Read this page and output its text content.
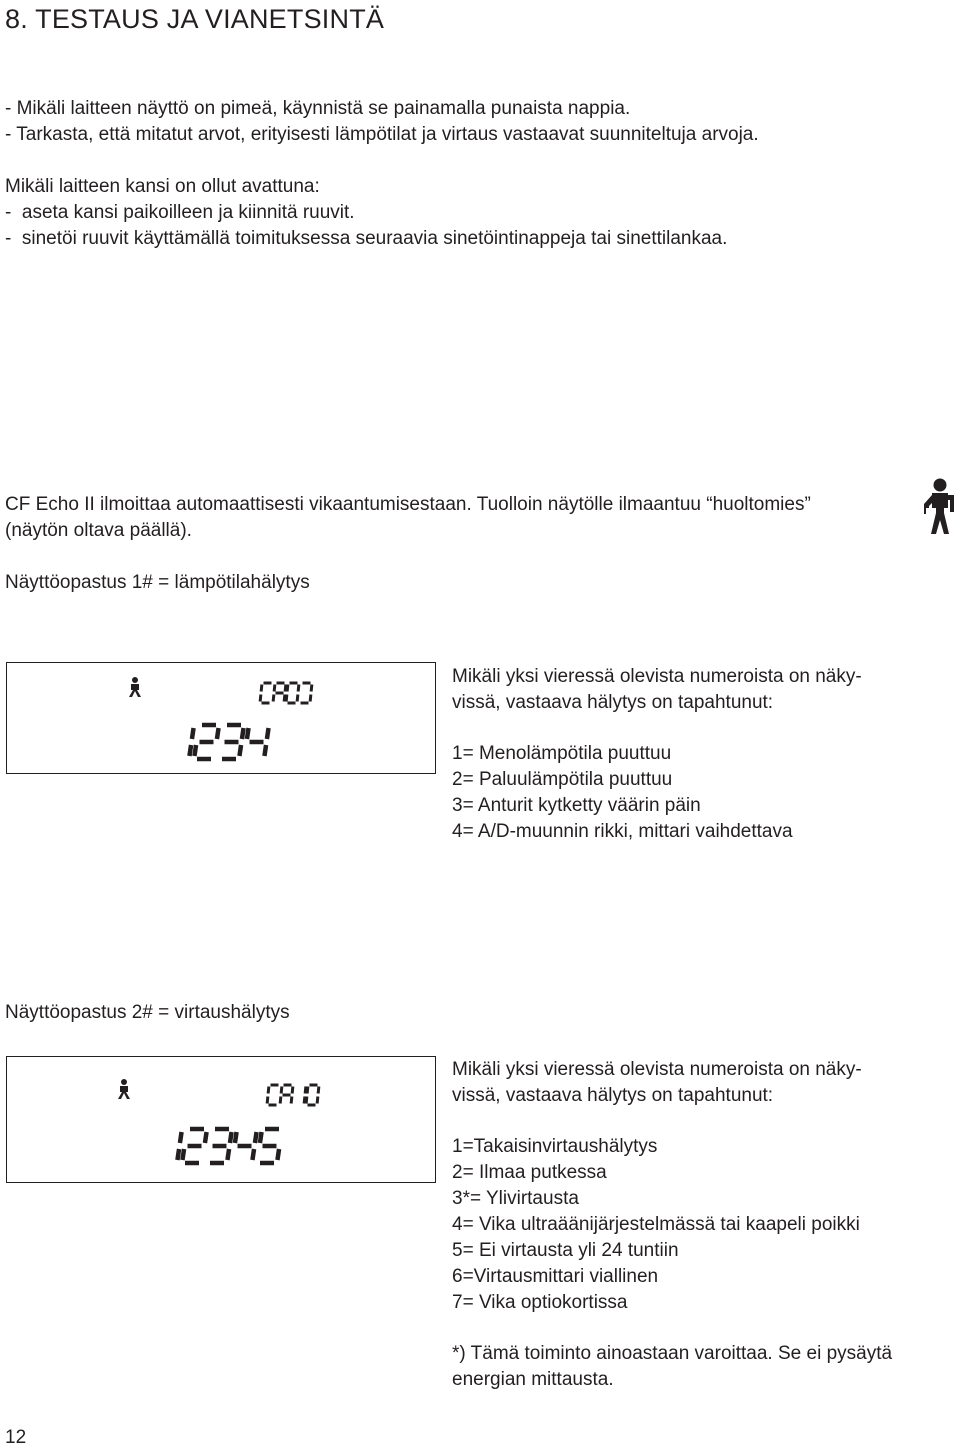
8. TESTAUS JA VIANETSINTÄ
- Mikäli laitteen näyttö on pimeä, käynnistä se painamalla punaista nappia.
- Tarkasta, että mitatut arvot, erityisesti lämpötilat ja virtaus vastaavat suunniteltuja arvoja.
Mikäli laitteen kansi on ollut avattuna:
-  aseta kansi paikoilleen ja kiinnitä ruuvit.
-  sinetöi ruuvit käyttämällä toimituksessa seuraavia sinetöintinappeja tai sinettilankaa.
CF Echo II ilmoittaa automaattisesti vikaantumisestaan. Tuolloin näytölle ilmaantuu “huoltomies”
(näytön oltava päällä).
Näyttöopastus 1# = lämpötilahälytys
Mikäli yksi vieressä olevista numeroista on näky-
vissä, vastaava hälytys on tapahtunut:
1= Menolämpötila puuttuu
2= Paluulämpötila puuttuu
3= Anturit kytketty väärin päin
4= A/D-muunnin rikki, mittari vaihdettava
Näyttöopastus 2# = virtaushälytys
Mikäli yksi vieressä olevista numeroista on näky-
vissä, vastaava hälytys on tapahtunut:
1=Takaisinvirtaushälytys
2= Ilmaa putkessa
3*= Ylivirtausta
4= Vika ultraäänijärjestelmässä tai kaapeli poikki
5= Ei virtausta yli 24 tuntiin
6=Virtausmittari viallinen
7= Vika optiokortissa
*) Tämä toiminto ainoastaan varoittaa. Se ei pysäytä
energian mittausta.
12
